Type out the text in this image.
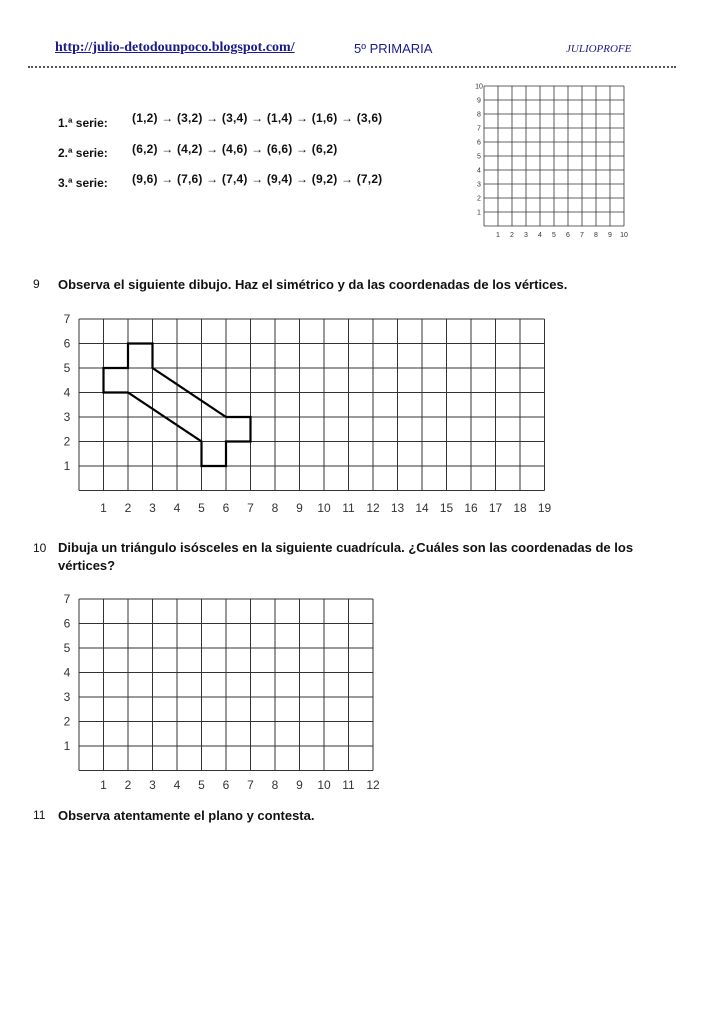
http://julio-detodounpoco.blogspot.com/	5º PRIMARIA	JULIOPROFE
1.ª serie: (1,2) → (3,2) → (3,4) → (1,4) → (1,6) → (3,6)
2.ª serie: (6,2) → (4,2) → (4,6) → (6,6) → (6,2)
3.ª serie: (9,6) → (7,6) → (7,4) → (9,4) → (9,2) → (7,2)
1 2 3 4 5 6 7 8 9 10
1
2
3
4
5
6
7
8
9
10
9 Observa el siguiente dibujo. Haz el simétrico y da las coordenadas de los vértices.
1 2 3 4 5 6 7 8 9 10 11 12 13 14 15 16 17 18 19
1
2
3
4
5
6
7
10 Dibuja un triángulo isósceles en la siguiente cuadrícula. ¿Cuáles son las coordenadas de los
vértices?
1 2 3 4 5 6 7 8 9 10 11 12
1
2
3
4
5
6
7
11 Observa atentamente el plano y contesta.
